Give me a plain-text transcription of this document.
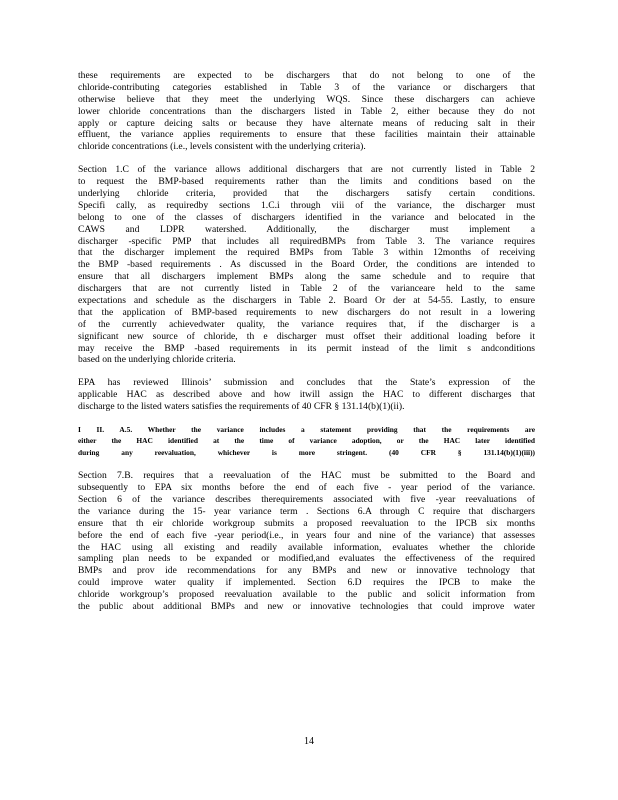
these requirements are expected to be dischargers that do not belong to one of the
chloride-contributing categories established in Table 3 of the variance or dischargers that
otherwise believe that they meet the underlying WQS. Since these dischargers can achieve
lower chloride concentrations than the dischargers listed in Table 2, either because they do not
apply or capture deicing salts or because they have alternate means of reducing salt in their
effluent, the variance applies requirements to ensure that these facilities maintain their attainable
chloride concentrations (i.e., levels consistent with the underlying criteria).
Section 1.C of the variance allows additional dischargers that are not currently listed in Table 2
to request the BMP-based requirements rather than the limits and conditions based on the
underlying chloride criteria, provided that the dischargers satisfy certain conditions.
Specifi cally, as requiredby sections 1.C.i through viii of the variance, the discharger must
belong to one of the classes of dischargers identified in the variance and belocated in the
CAWS and LDPR watershed. Additionally, the discharger must implement a
discharger -specific PMP that includes all requiredBMPs from Table 3. The variance requires
that the discharger implement the required BMPs from Table 3 within 12months of receiving
the BMP -based requirements . As discussed in the Board Order, the conditions are intended to
ensure that all dischargers implement BMPs along the same schedule and to require that
dischargers that are not currently listed in Table 2 of the varianceare held to the same
expectations and schedule as the dischargers in Table 2. Board Or der at 54-55. Lastly, to ensure
that the application of BMP-based requirements to new dischargers do not result in a lowering
of the currently achievedwater quality, the variance requires that, if the discharger is a
significant new source of chloride, th e discharger must offset their additional loading before it
may receive the BMP -based requirements in its permit instead of the limit s andconditions
based on the underlying chloride criteria.
EPA has reviewed Illinois’ submission and concludes that the State’s expression of the
applicable HAC as described above and how itwill assign the HAC to different discharges that
discharge to the listed waters satisfies the requirements of 40 CFR § 131.14(b)(1)(ii).
I II. A.5. Whether the variance includes a statement providing that the requirements are
either the HAC identified at the time of variance adoption, or the HAC later identified
during any reevaluation, whichever is more stringent. (40 CFR § 131.14(b)(1)(iii))
Section 7.B. requires that a reevaluation of the HAC must be submitted to the Board and
subsequently to EPA six months before the end of each five - year period of the variance.
Section 6 of the variance describes therequirements associated with five -year reevaluations of
the variance during the 15- year variance term . Sections 6.A through C require that dischargers
ensure that th eir chloride workgroup submits a proposed reevaluation to the IPCB six months
before the end of each five -year period(i.e., in years four and nine of the variance) that assesses
the HAC using all existing and readily available information, evaluates whether the chloride
sampling plan needs to be expanded or modified,and evaluates the effectiveness of the required
BMPs and prov ide recommendations for any BMPs and new or innovative technology that
could improve water quality if implemented. Section 6.D requires the IPCB to make the
chloride workgroup’s proposed reevaluation available to the public and solicit information from
the public about additional BMPs and new or innovative technologies that could improve water
14
